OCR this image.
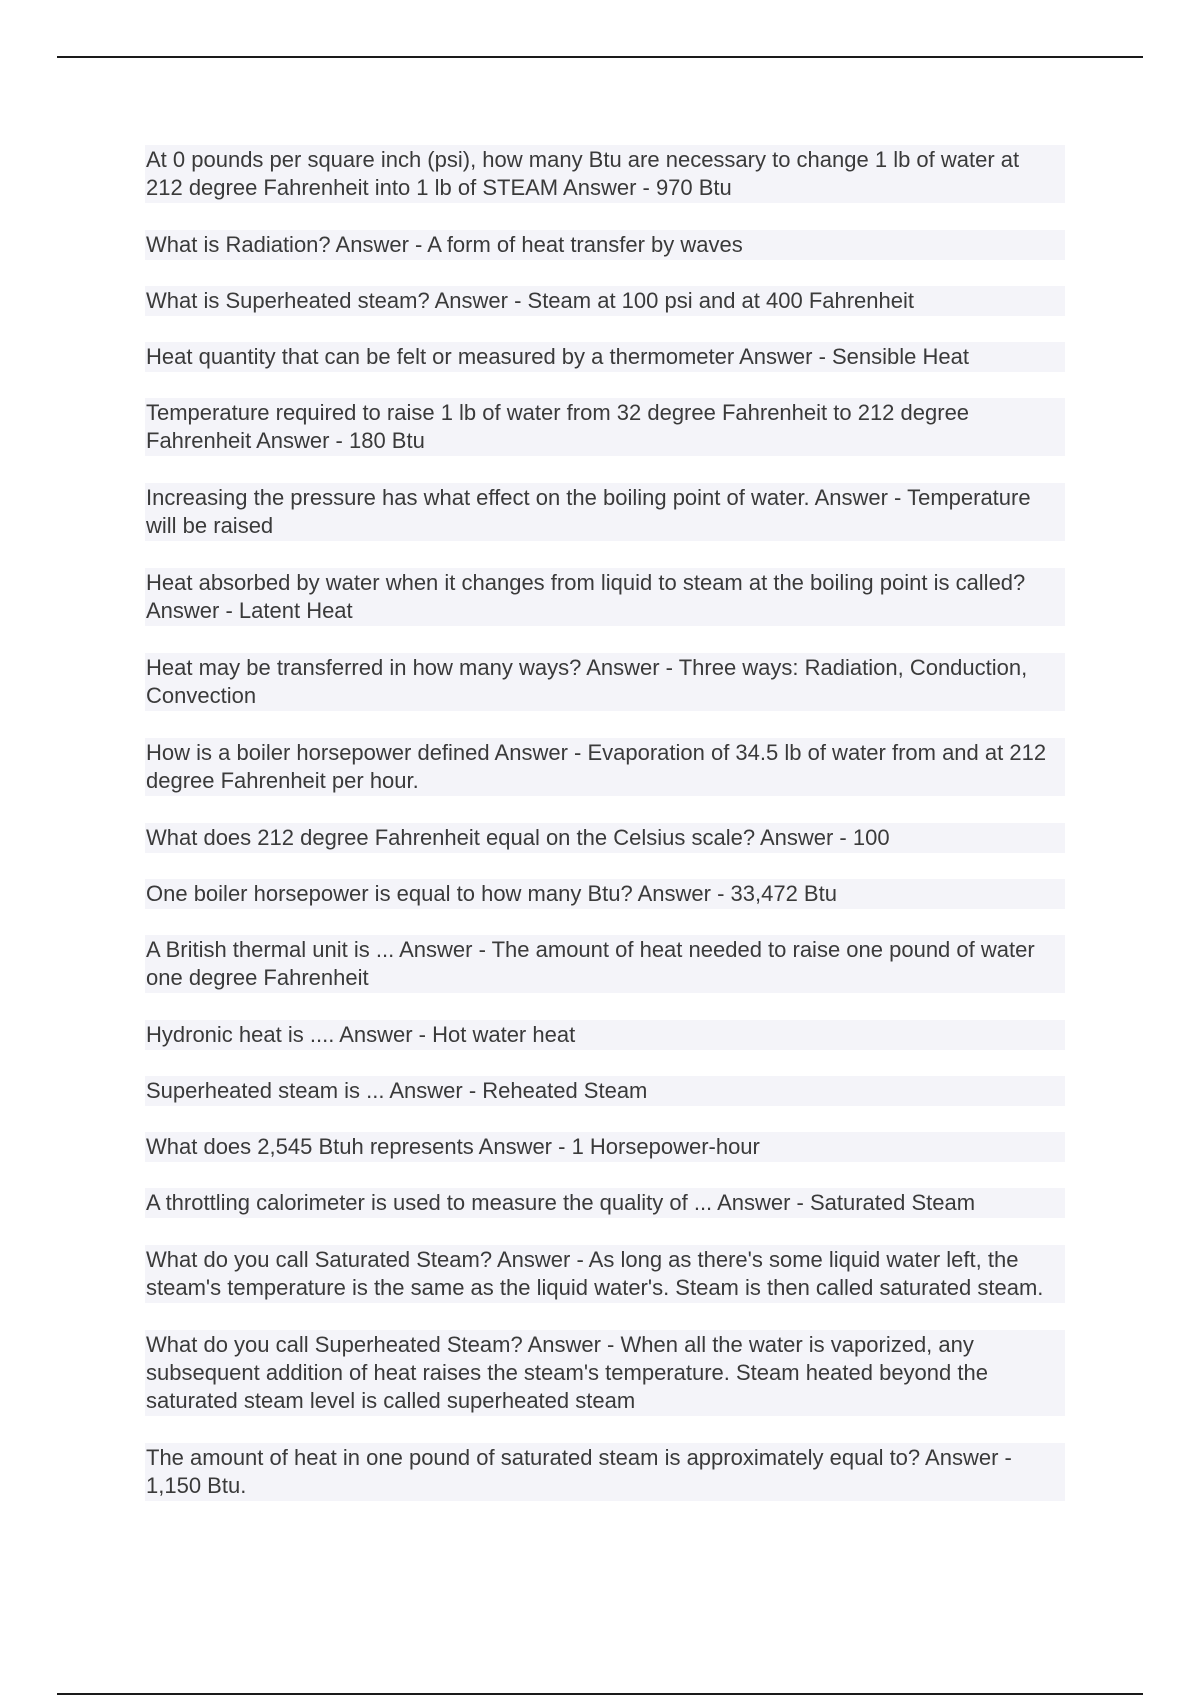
At 0 pounds per square inch (psi), how many Btu are necessary to change 1 lb of water at 212 degree Fahrenheit into 1 lb of STEAM Answer - 970 Btu
What is Radiation? Answer - A form of heat transfer by waves
What is Superheated steam? Answer - Steam at 100 psi and at 400 Fahrenheit
Heat quantity that can be felt or measured by a thermometer Answer - Sensible Heat
Temperature required to raise 1 lb of water from 32 degree Fahrenheit to 212 degree Fahrenheit Answer - 180 Btu
Increasing the pressure has what effect on the boiling point of water. Answer - Temperature will be raised
Heat absorbed by water when it changes from liquid to steam at the boiling point is called? Answer - Latent Heat
Heat may be transferred in how many ways? Answer - Three ways: Radiation, Conduction, Convection
How is a boiler horsepower defined Answer - Evaporation of 34.5 lb of water from and at 212 degree Fahrenheit per hour.
What does 212 degree Fahrenheit equal on the Celsius scale? Answer - 100
One boiler horsepower is equal to how many Btu? Answer - 33,472 Btu
A British thermal unit is ... Answer - The amount of heat needed to raise one pound of water one degree Fahrenheit
Hydronic heat is .... Answer - Hot water heat
Superheated steam is ... Answer - Reheated Steam
What does 2,545 Btuh represents Answer - 1 Horsepower-hour
A throttling calorimeter is used to measure the quality of ... Answer - Saturated Steam
What do you call Saturated Steam? Answer - As long as there's some liquid water left, the steam's temperature is the same as the liquid water's. Steam is then called saturated steam.
What do you call Superheated Steam? Answer - When all the water is vaporized, any subsequent addition of heat raises the steam's temperature. Steam heated beyond the saturated steam level is called superheated steam
The amount of heat in one pound of saturated steam is approximately equal to? Answer - 1,150 Btu.
